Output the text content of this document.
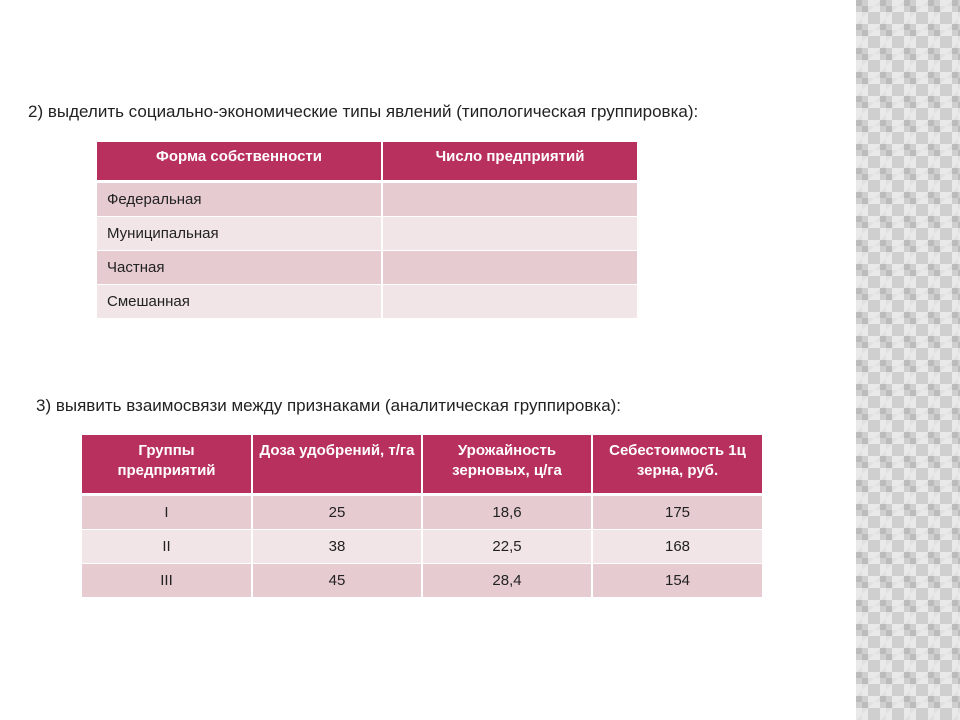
2) выделить социально-экономические типы явлений (типологическая группировка):
Форма собственности	Число предприятий
Федеральная	
Муниципальная	
Частная	
Смешанная	
3) выявить взаимосвязи между признаками (аналитическая группировка):
Группы предприятий	Доза удобрений, т/га	Урожайность зерновых, ц/га	Себестоимость 1ц зерна, руб.
I	25	18,6	175
II	38	22,5	168
III	45	28,4	154
